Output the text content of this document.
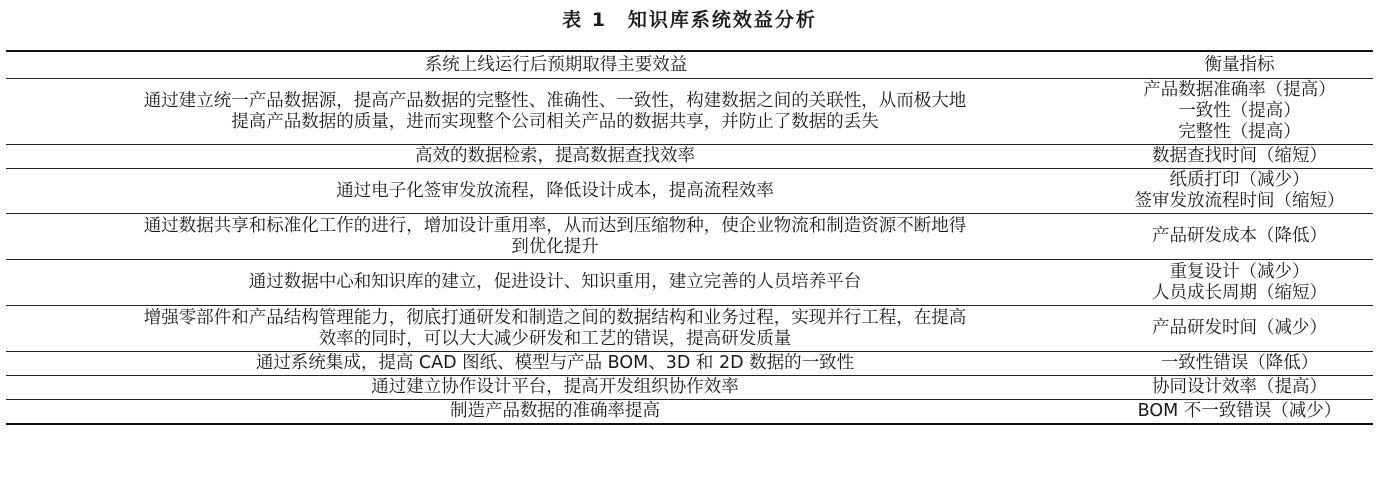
表 1　知识库系统效益分析
系统上线运行后预期取得主要效益	衡量指标

通过建立统一产品数据源，提高产品数据的完整性、准确性、一致性，构建数据之间的关联性，从而极大地
提高产品数据的质量，进而实现整个公司相关产品的数据共享，并防止了数据的丢失	产品数据准确率（提高）
一致性（提高）
完整性（提高）

高效的数据检索，提高数据查找效率	数据查找时间（缩短）

通过电子化签审发放流程，降低设计成本，提高流程效率	纸质打印（减少）
签审发放流程时间（缩短）

通过数据共享和标准化工作的进行，增加设计重用率，从而达到压缩物种，使企业物流和制造资源不断地得
到优化提升	产品研发成本（降低）

通过数据中心和知识库的建立，促进设计、知识重用，建立完善的人员培养平台	重复设计（减少）
人员成长周期（缩短）

增强零部件和产品结构管理能力，彻底打通研发和制造之间的数据结构和业务过程，实现并行工程，在提高
效率的同时，可以大大减少研发和工艺的错误，提高研发质量	产品研发时间（减少）

通过系统集成，提高 CAD 图纸、模型与产品 BOM、3D 和 2D 数据的一致性	一致性错误（降低）

通过建立协作设计平台，提高开发组织协作效率	协同设计效率（提高）

制造产品数据的准确率提高	BOM 不一致错误（减少）
